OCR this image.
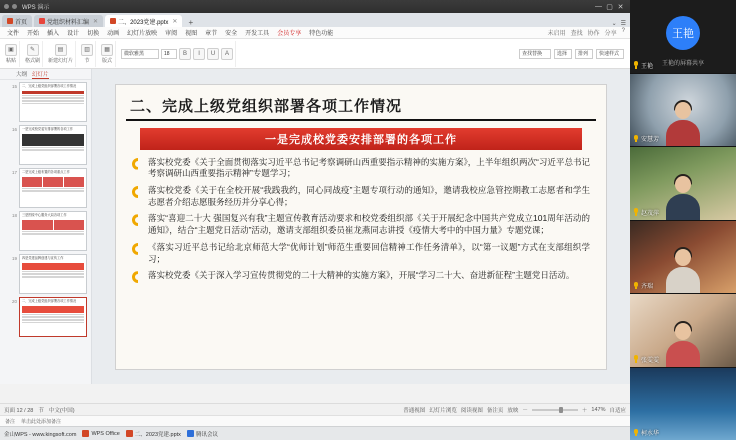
WPS 演示	— ▢ ✕
首页	党组织材料汇编 ✕	二、2023党建.pptx ✕	+	⌄ ☰
文件	开始	插入	设计	切换	动画	幻灯片放映	审阅	视图	章节	安全	开发工具	会员专享	特色功能	未启用 查找 协作 分享 ?
▣
粘贴
✎
格式刷
▤
新建幻灯片
▥
节
▦
版式
微软雅黑	18	B	I	U	A	查找替换	选择	排列	快速样式
大纲 幻灯片
15	二、完成上级党组织部署各项工作情况
16	一是完成校党委安排部署的各项工作
17	二是完成上级布置的各项重点工作
18	三是围绕中心服务大局各项工作
19	四是党建品牌创建与宣传工作
20	二、完成上级党组织部署各项工作情况
二、完成上级党组织部署各项工作情况
一是完成校党委安排部署的各项工作
落实校党委《关于全面贯彻落实习近平总书记考察调研山西重要指示精神的实施方案》，上半年组织两次“习近平总书记考察调研山西重要指示精神”专题学习；
落实校党委《关于在全校开展“我践我约，同心同战疫”主题专项行动的通知》，邀请我校应急管控期教工志愿者和学生志愿者介绍志愿服务经历并分享心得；
落实“喜迎二十大 强国复兴有我”主题宣传教育活动要求和校党委组织部《关于开展纪念中国共产党成立101周年活动的通知》，结合“主题党日活动”活动，邀请支部组织委员崔龙燕同志讲授《疫情大考中的中国力量》专题党课；
《落实习近平总书记给北京师范大学“优师计划”师范生重要回信精神工作任务清单》，以“第一议题”方式在支部组织学习；
落实校党委《关于深入学习宣传贯彻党的二十大精神的实施方案》，开展“学习二十大、奋进新征程”主题党日活动。
备注 单击此处添加备注
页面 12 / 28 节 中文(中国)	普通视图 幻灯片浏览 阅读视图 备注页 放映 －	＋ 147% 自适应
金山WPS - www.kingsoft.com	WPS Office	二、2023党建.pptx	腾讯会议
王艳
王艳的屏幕共享
王艳
安慧芳
赵茂萍
齐瑞
张雯雯
柯水华
